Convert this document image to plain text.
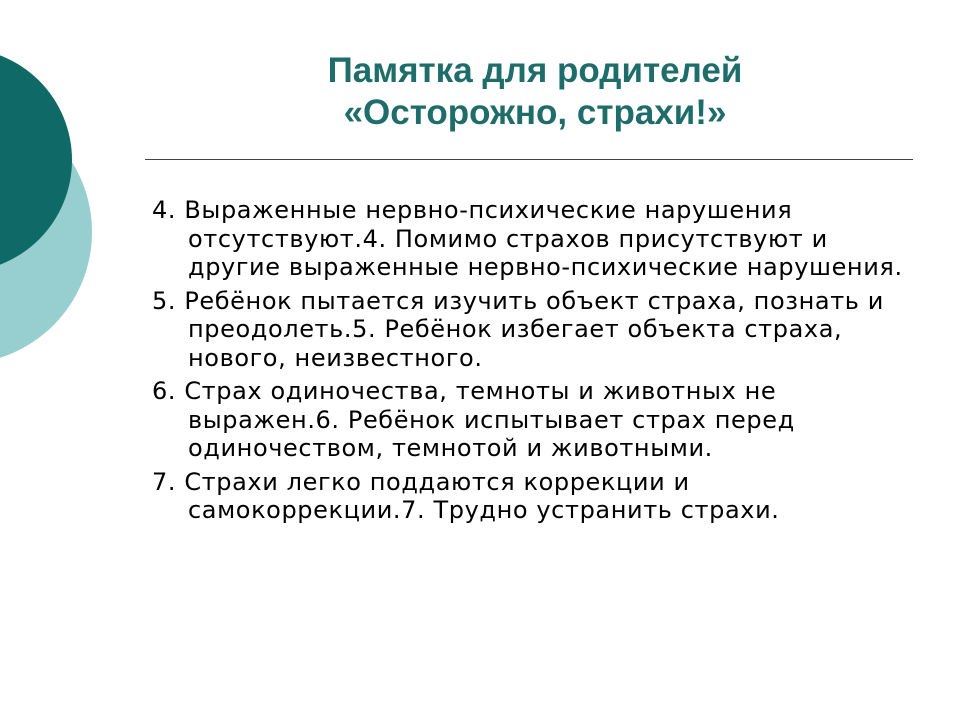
Памятка для родителей
«Осторожно, страхи!»
4. Выраженные нервно-психические нарушения отсутствуют.4. Помимо страхов присутствуют и другие выраженные нервно-психические нарушения.
5. Ребёнок пытается изучить объект страха, познать и преодолеть.5. Ребёнок избегает объекта страха, нового, неизвестного.
6. Страх одиночества, темноты и животных не выражен.6. Ребёнок испытывает страх перед одиночеством, темнотой и животными.
7. Страхи легко поддаются коррекции и самокоррекции.7. Трудно устранить страхи.
